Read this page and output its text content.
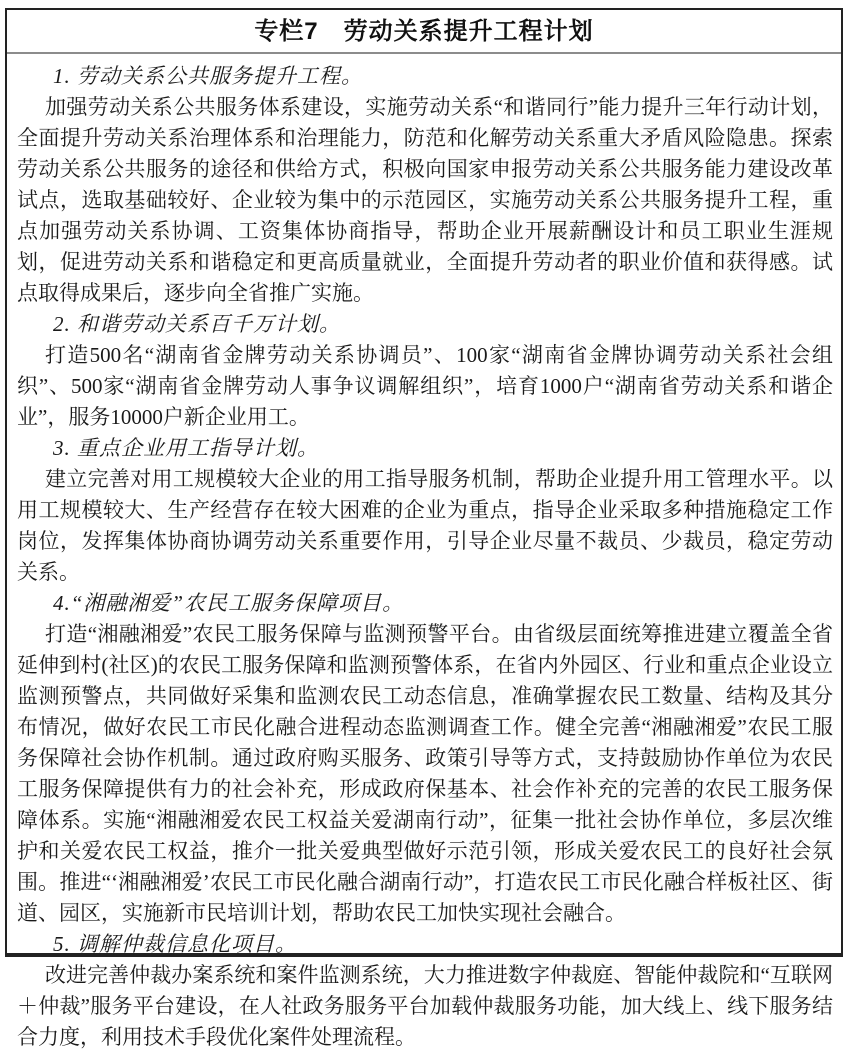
专栏7　劳动关系提升工程计划

1. 劳动关系公共服务提升工程。

加强劳动关系公共服务体系建设，实施劳动关系“和谐同行”能力提升三年行动计划，全面提升劳动关系治理体系和治理能力，防范和化解劳动关系重大矛盾风险隐患。探索劳动关系公共服务的途径和供给方式，积极向国家申报劳动关系公共服务能力建设改革试点，选取基础较好、企业较为集中的示范园区，实施劳动关系公共服务提升工程，重点加强劳动关系协调、工资集体协商指导，帮助企业开展薪酬设计和员工职业生涯规划，促进劳动关系和谐稳定和更高质量就业，全面提升劳动者的职业价值和获得感。试点取得成果后，逐步向全省推广实施。

2. 和谐劳动关系百千万计划。

打造500名“湖南省金牌劳动关系协调员”、100家“湖南省金牌协调劳动关系社会组织”、500家“湖南省金牌劳动人事争议调解组织”，培育1000户“湖南省劳动关系和谐企业”，服务10000户新企业用工。

3. 重点企业用工指导计划。

建立完善对用工规模较大企业的用工指导服务机制，帮助企业提升用工管理水平。以用工规模较大、生产经营存在较大困难的企业为重点，指导企业采取多种措施稳定工作岗位，发挥集体协商协调劳动关系重要作用，引导企业尽量不裁员、少裁员，稳定劳动关系。

4.“湘融湘爱”农民工服务保障项目。

打造“湘融湘爱”农民工服务保障与监测预警平台。由省级层面统筹推进建立覆盖全省延伸到村(社区)的农民工服务保障和监测预警体系，在省内外园区、行业和重点企业设立监测预警点，共同做好采集和监测农民工动态信息，准确掌握农民工数量、结构及其分布情况，做好农民工市民化融合进程动态监测调查工作。健全完善“湘融湘爱”农民工服务保障社会协作机制。通过政府购买服务、政策引导等方式，支持鼓励协作单位为农民工服务保障提供有力的社会补充，形成政府保基本、社会作补充的完善的农民工服务保障体系。实施“湘融湘爱农民工权益关爱湖南行动”，征集一批社会协作单位，多层次维护和关爱农民工权益，推介一批关爱典型做好示范引领，形成关爱农民工的良好社会氛围。推进“‘湘融湘爱’农民工市民化融合湖南行动”，打造农民工市民化融合样板社区、街道、园区，实施新市民培训计划，帮助农民工加快实现社会融合。

5. 调解仲裁信息化项目。

改进完善仲裁办案系统和案件监测系统，大力推进数字仲裁庭、智能仲裁院和“互联网＋仲裁”服务平台建设，在人社政务服务平台加载仲裁服务功能，加大线上、线下服务结合力度，利用技术手段优化案件处理流程。
